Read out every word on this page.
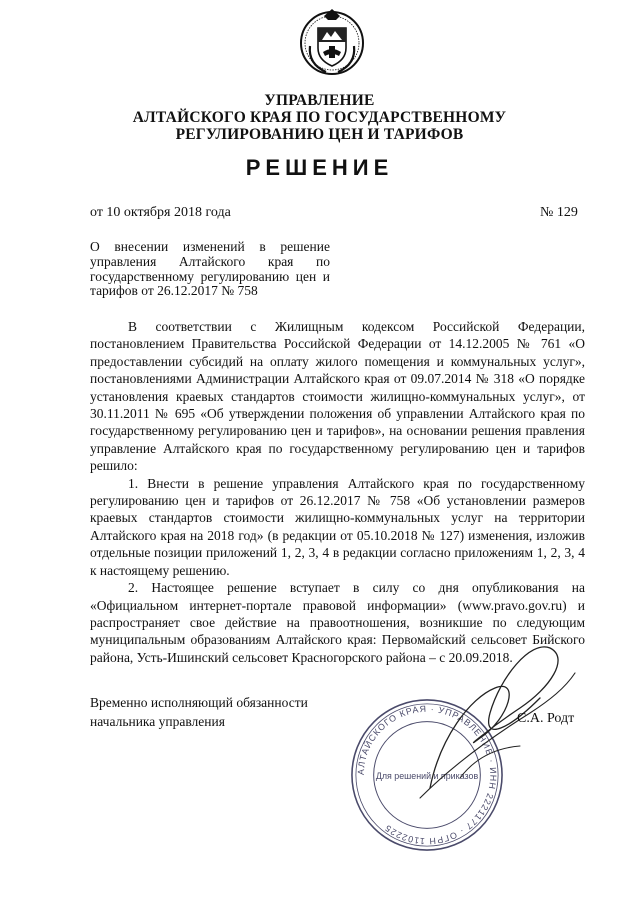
УПРАВЛЕНИЕ
АЛТАЙСКОГО КРАЯ ПО ГОСУДАРСТВЕННОМУ
РЕГУЛИРОВАНИЮ ЦЕН И ТАРИФОВ
РЕШЕНИЕ
от 10 октября 2018 года	№ 129
О внесении изменений в решение управления Алтайского края по государственному регулированию цен и тарифов от 26.12.2017 № 758

В соответствии с Жилищным кодексом Российской Федерации, постановлением Правительства Российской Федерации от 14.12.2005 № 761 «О предоставлении субсидий на оплату жилого помещения и коммунальных услуг», постановлениями Администрации Алтайского края от 09.07.2014 № 318 «О порядке установления краевых стандартов стоимости жилищно-коммунальных услуг», от 30.11.2011 № 695 «Об утверждении положения об управлении Алтайского края по государственному регулированию цен и тарифов», на основании решения правления управление Алтайского края по государственному регулированию цен и тарифов решило:

1. Внести в решение управления Алтайского края по государственному регулированию цен и тарифов от 26.12.2017 № 758 «Об установлении размеров краевых стандартов стоимости жилищно-коммунальных услуг на территории Алтайского края на 2018 год» (в редакции от 05.10.2018 № 127) изменения, изложив отдельные позиции приложений 1, 2, 3, 4 в редакции согласно приложениям 1, 2, 3, 4 к настоящему решению.

2. Настоящее решение вступает в силу со дня опубликования на «Официальном интернет-портале правовой информации» (www.pravo.gov.ru) и распространяет свое действие на правоотношения, возникшие по следующим муниципальным образованиям Алтайского края: Первомайский сельсовет Бийского района, Усть-Ишинский сельсовет Красногорского района – с 20.09.2018.

Временно исполняющий обязанности
начальника управления
АЛТАЙСКОГО КРАЯ · УПРАВЛЕНИЕ · ИНН 2221177 · ОГРН 1102225
Для решений и приказов
С.А. Родт
